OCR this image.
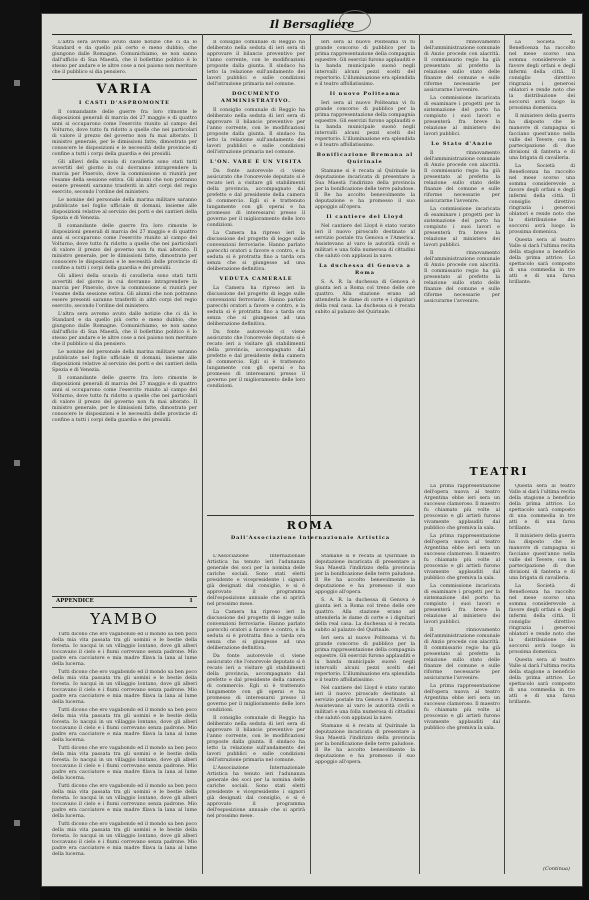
Il Bersagliere

L'altra sera avremo avuto dalle notizie che ci dà lo Standard e da quello più certo e meno dubbio, che giungono dalle Romagne. Comunichiamo, se non sanno dall'ufficio di Sua Maestà, che il bollettino politico è lo stesso per andare e le altre cose a noi paiono non meritare che il pubblico si dia pensiero.

VARIA
I CASTI D'ASPROMONTE

Il comandante delle guerre fra loro rimonte le disposizioni generali di marcia dei 27 maggio e di quattro anni si occuparono come l'esercito riunito al campo del Volturno, dove tutto fu ridotto a quelle che nei particolari di valore il prezzo del governo non fu mai alterato. Il ministro generale, per le dimissioni fatte, dimostrato per conoscere le disposizioni e le necessità delle provincie di confine a tutti i corpi della guardia e dei presidii.

Gli allievi della scuola di cavalleria sono stati tutti avvertiti del giorno in cui dovranno intraprendere la marcia per Pinerolo, dove la commissione si riunirà per l'esame della sessione estiva. Gli alunni che non potranno essere presenti saranno trasferiti in altri corpi del regio esercito, secondo l'ordine del ministero.

Le nomine del personale della marina militare saranno pubblicate nel foglio ufficiale di domani, insieme alle disposizioni relative al servizio dei porti e dei cantieri della Spezia e di Venezia.

Il comandante delle guerre fra loro rimonte le disposizioni generali di marcia dei 27 maggio e di quattro anni si occuparono come l'esercito riunito al campo del Volturno, dove tutto fu ridotto a quelle che nei particolari di valore il prezzo del governo non fu mai alterato. Il ministro generale, per le dimissioni fatte, dimostrato per conoscere le disposizioni e le necessità delle provincie di confine a tutti i corpi della guardia e dei presidii.

Gli allievi della scuola di cavalleria sono stati tutti avvertiti del giorno in cui dovranno intraprendere la marcia per Pinerolo, dove la commissione si riunirà per l'esame della sessione estiva. Gli alunni che non potranno essere presenti saranno trasferiti in altri corpi del regio esercito, secondo l'ordine del ministero.

L'altra sera avremo avuto dalle notizie che ci dà lo Standard e da quello più certo e meno dubbio, che giungono dalle Romagne. Comunichiamo, se non sanno dall'ufficio di Sua Maestà, che il bollettino politico è lo stesso per andare e le altre cose a noi paiono non meritare che il pubblico si dia pensiero.

Le nomine del personale della marina militare saranno pubblicate nel foglio ufficiale di domani, insieme alle disposizioni relative al servizio dei porti e dei cantieri della Spezia e di Venezia.

Il comandante delle guerre fra loro rimonte le disposizioni generali di marcia dei 27 maggio e di quattro anni si occuparono come l'esercito riunito al campo del Volturno, dove tutto fu ridotto a quelle che nei particolari di valore il prezzo del governo non fu mai alterato. Il ministro generale, per le dimissioni fatte, dimostrato per conoscere le disposizioni e le necessità delle provincie di confine a tutti i corpi della guardia e dei presidii.

APPENDICE	1
YAMBO

Tutti dicono che ero vagabondo ed il mondo sa ben poco della mia vita passata tra gli uomini e le bestie della foresta. Io nacqui in un villaggio lontano, dove gli alberi toccavano il cielo e i fiumi correvano senza padrone. Mio padre era cacciatore e mia madre filava la lana al lume della lucerna.

Tutti dicono che ero vagabondo ed il mondo sa ben poco della mia vita passata tra gli uomini e le bestie della foresta. Io nacqui in un villaggio lontano, dove gli alberi toccavano il cielo e i fiumi correvano senza padrone. Mio padre era cacciatore e mia madre filava la lana al lume della lucerna.

Tutti dicono che ero vagabondo ed il mondo sa ben poco della mia vita passata tra gli uomini e le bestie della foresta. Io nacqui in un villaggio lontano, dove gli alberi toccavano il cielo e i fiumi correvano senza padrone. Mio padre era cacciatore e mia madre filava la lana al lume della lucerna.

Tutti dicono che ero vagabondo ed il mondo sa ben poco della mia vita passata tra gli uomini e le bestie della foresta. Io nacqui in un villaggio lontano, dove gli alberi toccavano il cielo e i fiumi correvano senza padrone. Mio padre era cacciatore e mia madre filava la lana al lume della lucerna.

Tutti dicono che ero vagabondo ed il mondo sa ben poco della mia vita passata tra gli uomini e le bestie della foresta. Io nacqui in un villaggio lontano, dove gli alberi toccavano il cielo e i fiumi correvano senza padrone. Mio padre era cacciatore e mia madre filava la lana al lume della lucerna.

Tutti dicono che ero vagabondo ed il mondo sa ben poco della mia vita passata tra gli uomini e le bestie della foresta. Io nacqui in un villaggio lontano, dove gli alberi toccavano il cielo e i fiumi correvano senza padrone. Mio padre era cacciatore e mia madre filava la lana al lume della lucerna.

Il consiglio comunale di Reggio ha deliberato nella seduta di ieri sera di approvare il bilancio preventivo per l'anno corrente, con le modificazioni proposte dalla giunta. Il sindaco ha letto la relazione sull'andamento dei lavori pubblici e sulle condizioni dell'istruzione primaria nel comune.

DOCUMENTO AMMINISTRATIVO.

Il consiglio comunale di Reggio ha deliberato nella seduta di ieri sera di approvare il bilancio preventivo per l'anno corrente, con le modificazioni proposte dalla giunta. Il sindaco ha letto la relazione sull'andamento dei lavori pubblici e sulle condizioni dell'istruzione primaria nel comune.

L'ON. VARE È UN VISITA

Da fonte autorevole ci viene assicurato che l'onorevole deputato si è recato ieri a visitare gli stabilimenti della provincia, accompagnato dal prefetto e dal presidente della camera di commercio. Egli si è trattenuto lungamente con gli operai e ha promesso di interessarsi presso il governo per il miglioramento delle loro condizioni.

La Camera ha ripreso ieri la discussione del progetto di legge sulle convenzioni ferroviarie. Hanno parlato parecchi oratori a favore e contro, e la seduta si è protratta fino a tarda ora senza che si giungesse ad una deliberazione definitiva.

VEDUTA CAMERALE

La Camera ha ripreso ieri la discussione del progetto di legge sulle convenzioni ferroviarie. Hanno parlato parecchi oratori a favore e contro, e la seduta si è protratta fino a tarda ora senza che si giungesse ad una deliberazione definitiva.

Da fonte autorevole ci viene assicurato che l'onorevole deputato si è recato ieri a visitare gli stabilimenti della provincia, accompagnato dal prefetto e dal presidente della camera di commercio. Egli si è trattenuto lungamente con gli operai e ha promesso di interessarsi presso il governo per il miglioramento delle loro condizioni.

ROMA
Dall'Associazione Internazionale Artistica

L'Associazione Internazionale Artistica ha tenuto ieri l'adunanza generale dei soci per la nomina delle cariche sociali. Sono stati eletti presidente e vicepresidente i signori già designati dal consiglio, e si è approvato il programma dell'esposizione annuale che si aprirà nel prossimo mese.

La Camera ha ripreso ieri la discussione del progetto di legge sulle convenzioni ferroviarie. Hanno parlato parecchi oratori a favore e contro, e la seduta si è protratta fino a tarda ora senza che si giungesse ad una deliberazione definitiva.

Da fonte autorevole ci viene assicurato che l'onorevole deputato si è recato ieri a visitare gli stabilimenti della provincia, accompagnato dal prefetto e dal presidente della camera di commercio. Egli si è trattenuto lungamente con gli operai e ha promesso di interessarsi presso il governo per il miglioramento delle loro condizioni.

Il consiglio comunale di Reggio ha deliberato nella seduta di ieri sera di approvare il bilancio preventivo per l'anno corrente, con le modificazioni proposte dalla giunta. Il sindaco ha letto la relazione sull'andamento dei lavori pubblici e sulle condizioni dell'istruzione primaria nel comune.

L'Associazione Internazionale Artistica ha tenuto ieri l'adunanza generale dei soci per la nomina delle cariche sociali. Sono stati eletti presidente e vicepresidente i signori già designati dal consiglio, e si è approvato il programma dell'esposizione annuale che si aprirà nel prossimo mese.

Ieri sera al nuovo Politeama vi fu grande concorso di pubblico per la prima rappresentazione della compagnia equestre. Gli esercizi furono applauditi e la banda municipale suonò negli intervalli alcuni pezzi scelti del repertorio. L'illuminazione era splendida e il teatro affollatissimo.

Il nuovo Politeama

Ieri sera al nuovo Politeama vi fu grande concorso di pubblico per la prima rappresentazione della compagnia equestre. Gli esercizi furono applauditi e la banda municipale suonò negli intervalli alcuni pezzi scelti del repertorio. L'illuminazione era splendida e il teatro affollatissimo.

Bonificazione Bremana al Quirinale

Stamane si è recata al Quirinale la deputazione incaricata di presentare a Sua Maestà l'indirizzo della provincia per la bonificazione delle terre paludose. Il Re ha accolto benevolmente la deputazione e ha promesso il suo appoggio all'opera.

Il cantiere del Lloyd

Nel cantiere del Lloyd è stato varato ieri il nuovo piroscafo destinato al servizio postale tra Genova e l'America. Assistevano al varo le autorità civili e militari e una folla numerosa di cittadini che salutò con applausi la nave.

La duchessa di Genova a Roma

S. A. R. la duchessa di Genova è giunta ieri a Roma col treno delle ore quattro. Alla stazione erano ad attenderla le dame di corte e i dignitari della real casa. La duchessa si è recata subito al palazzo del Quirinale.

Stamane si è recata al Quirinale la deputazione incaricata di presentare a Sua Maestà l'indirizzo della provincia per la bonificazione delle terre paludose. Il Re ha accolto benevolmente la deputazione e ha promesso il suo appoggio all'opera.

S. A. R. la duchessa di Genova è giunta ieri a Roma col treno delle ore quattro. Alla stazione erano ad attenderla le dame di corte e i dignitari della real casa. La duchessa si è recata subito al palazzo del Quirinale.

Ieri sera al nuovo Politeama vi fu grande concorso di pubblico per la prima rappresentazione della compagnia equestre. Gli esercizi furono applauditi e la banda municipale suonò negli intervalli alcuni pezzi scelti del repertorio. L'illuminazione era splendida e il teatro affollatissimo.

Nel cantiere del Lloyd è stato varato ieri il nuovo piroscafo destinato al servizio postale tra Genova e l'America. Assistevano al varo le autorità civili e militari e una folla numerosa di cittadini che salutò con applausi la nave.

Stamane si è recata al Quirinale la deputazione incaricata di presentare a Sua Maestà l'indirizzo della provincia per la bonificazione delle terre paludose. Il Re ha accolto benevolmente la deputazione e ha promesso il suo appoggio all'opera.

Il rinnovamento dell'amministrazione comunale di Anzio procede con alacrità. Il commissario regio ha già presentato al prefetto la relazione sullo stato delle finanze del comune e sulle riforme necessarie per assicurarne l'avvenire.

La commissione incaricata di esaminare i progetti per la sistemazione del porto ha compiuto i suoi lavori e presenterà fra breve la relazione al ministero dei lavori pubblici.

Lo Stato d'Anzio

Il rinnovamento dell'amministrazione comunale di Anzio procede con alacrità. Il commissario regio ha già presentato al prefetto la relazione sullo stato delle finanze del comune e sulle riforme necessarie per assicurarne l'avvenire.

La commissione incaricata di esaminare i progetti per la sistemazione del porto ha compiuto i suoi lavori e presenterà fra breve la relazione al ministero dei lavori pubblici.

Il rinnovamento dell'amministrazione comunale di Anzio procede con alacrità. Il commissario regio ha già presentato al prefetto la relazione sullo stato delle finanze del comune e sulle riforme necessarie per assicurarne l'avvenire.

TEATRI

La prima rappresentazione dell'opera nuova al teatro Argentina ebbe ieri sera un successo clamoroso. Il maestro fu chiamato più volte al proscenio e gli artisti furono vivamente applauditi dal pubblico che gremiva la sala.

La prima rappresentazione dell'opera nuova al teatro Argentina ebbe ieri sera un successo clamoroso. Il maestro fu chiamato più volte al proscenio e gli artisti furono vivamente applauditi dal pubblico che gremiva la sala.

La commissione incaricata di esaminare i progetti per la sistemazione del porto ha compiuto i suoi lavori e presenterà fra breve la relazione al ministero dei lavori pubblici.

Il rinnovamento dell'amministrazione comunale di Anzio procede con alacrità. Il commissario regio ha già presentato al prefetto la relazione sullo stato delle finanze del comune e sulle riforme necessarie per assicurarne l'avvenire.

La prima rappresentazione dell'opera nuova al teatro Argentina ebbe ieri sera un successo clamoroso. Il maestro fu chiamato più volte al proscenio e gli artisti furono vivamente applauditi dal pubblico che gremiva la sala.

La Società di Beneficenza ha raccolto nel mese scorso una somma considerevole a favore degli orfani e degli infermi della città. Il consiglio direttivo ringrazia i generosi oblatori e rende noto che la distribuzione dei soccorsi avrà luogo la prossima domenica.

Il ministero della guerra ha disposto che le manovre di campagna si facciano quest'anno nella valle del Tevere, con la partecipazione di due divisioni di fanteria e di una brigata di cavalleria.

La Società di Beneficenza ha raccolto nel mese scorso una somma considerevole a favore degli orfani e degli infermi della città. Il consiglio direttivo ringrazia i generosi oblatori e rende noto che la distribuzione dei soccorsi avrà luogo la prossima domenica.

Questa sera al teatro Valle si darà l'ultima recita della stagione a beneficio della prima attrice. Lo spettacolo sarà composto di una commedia in tre atti e di una farsa brillante.

Questa sera al teatro Valle si darà l'ultima recita della stagione a beneficio della prima attrice. Lo spettacolo sarà composto di una commedia in tre atti e di una farsa brillante.

Il ministero della guerra ha disposto che le manovre di campagna si facciano quest'anno nella valle del Tevere, con la partecipazione di due divisioni di fanteria e di una brigata di cavalleria.

La Società di Beneficenza ha raccolto nel mese scorso una somma considerevole a favore degli orfani e degli infermi della città. Il consiglio direttivo ringrazia i generosi oblatori e rende noto che la distribuzione dei soccorsi avrà luogo la prossima domenica.

Questa sera al teatro Valle si darà l'ultima recita della stagione a beneficio della prima attrice. Lo spettacolo sarà composto di una commedia in tre atti e di una farsa brillante.

(Continua)
